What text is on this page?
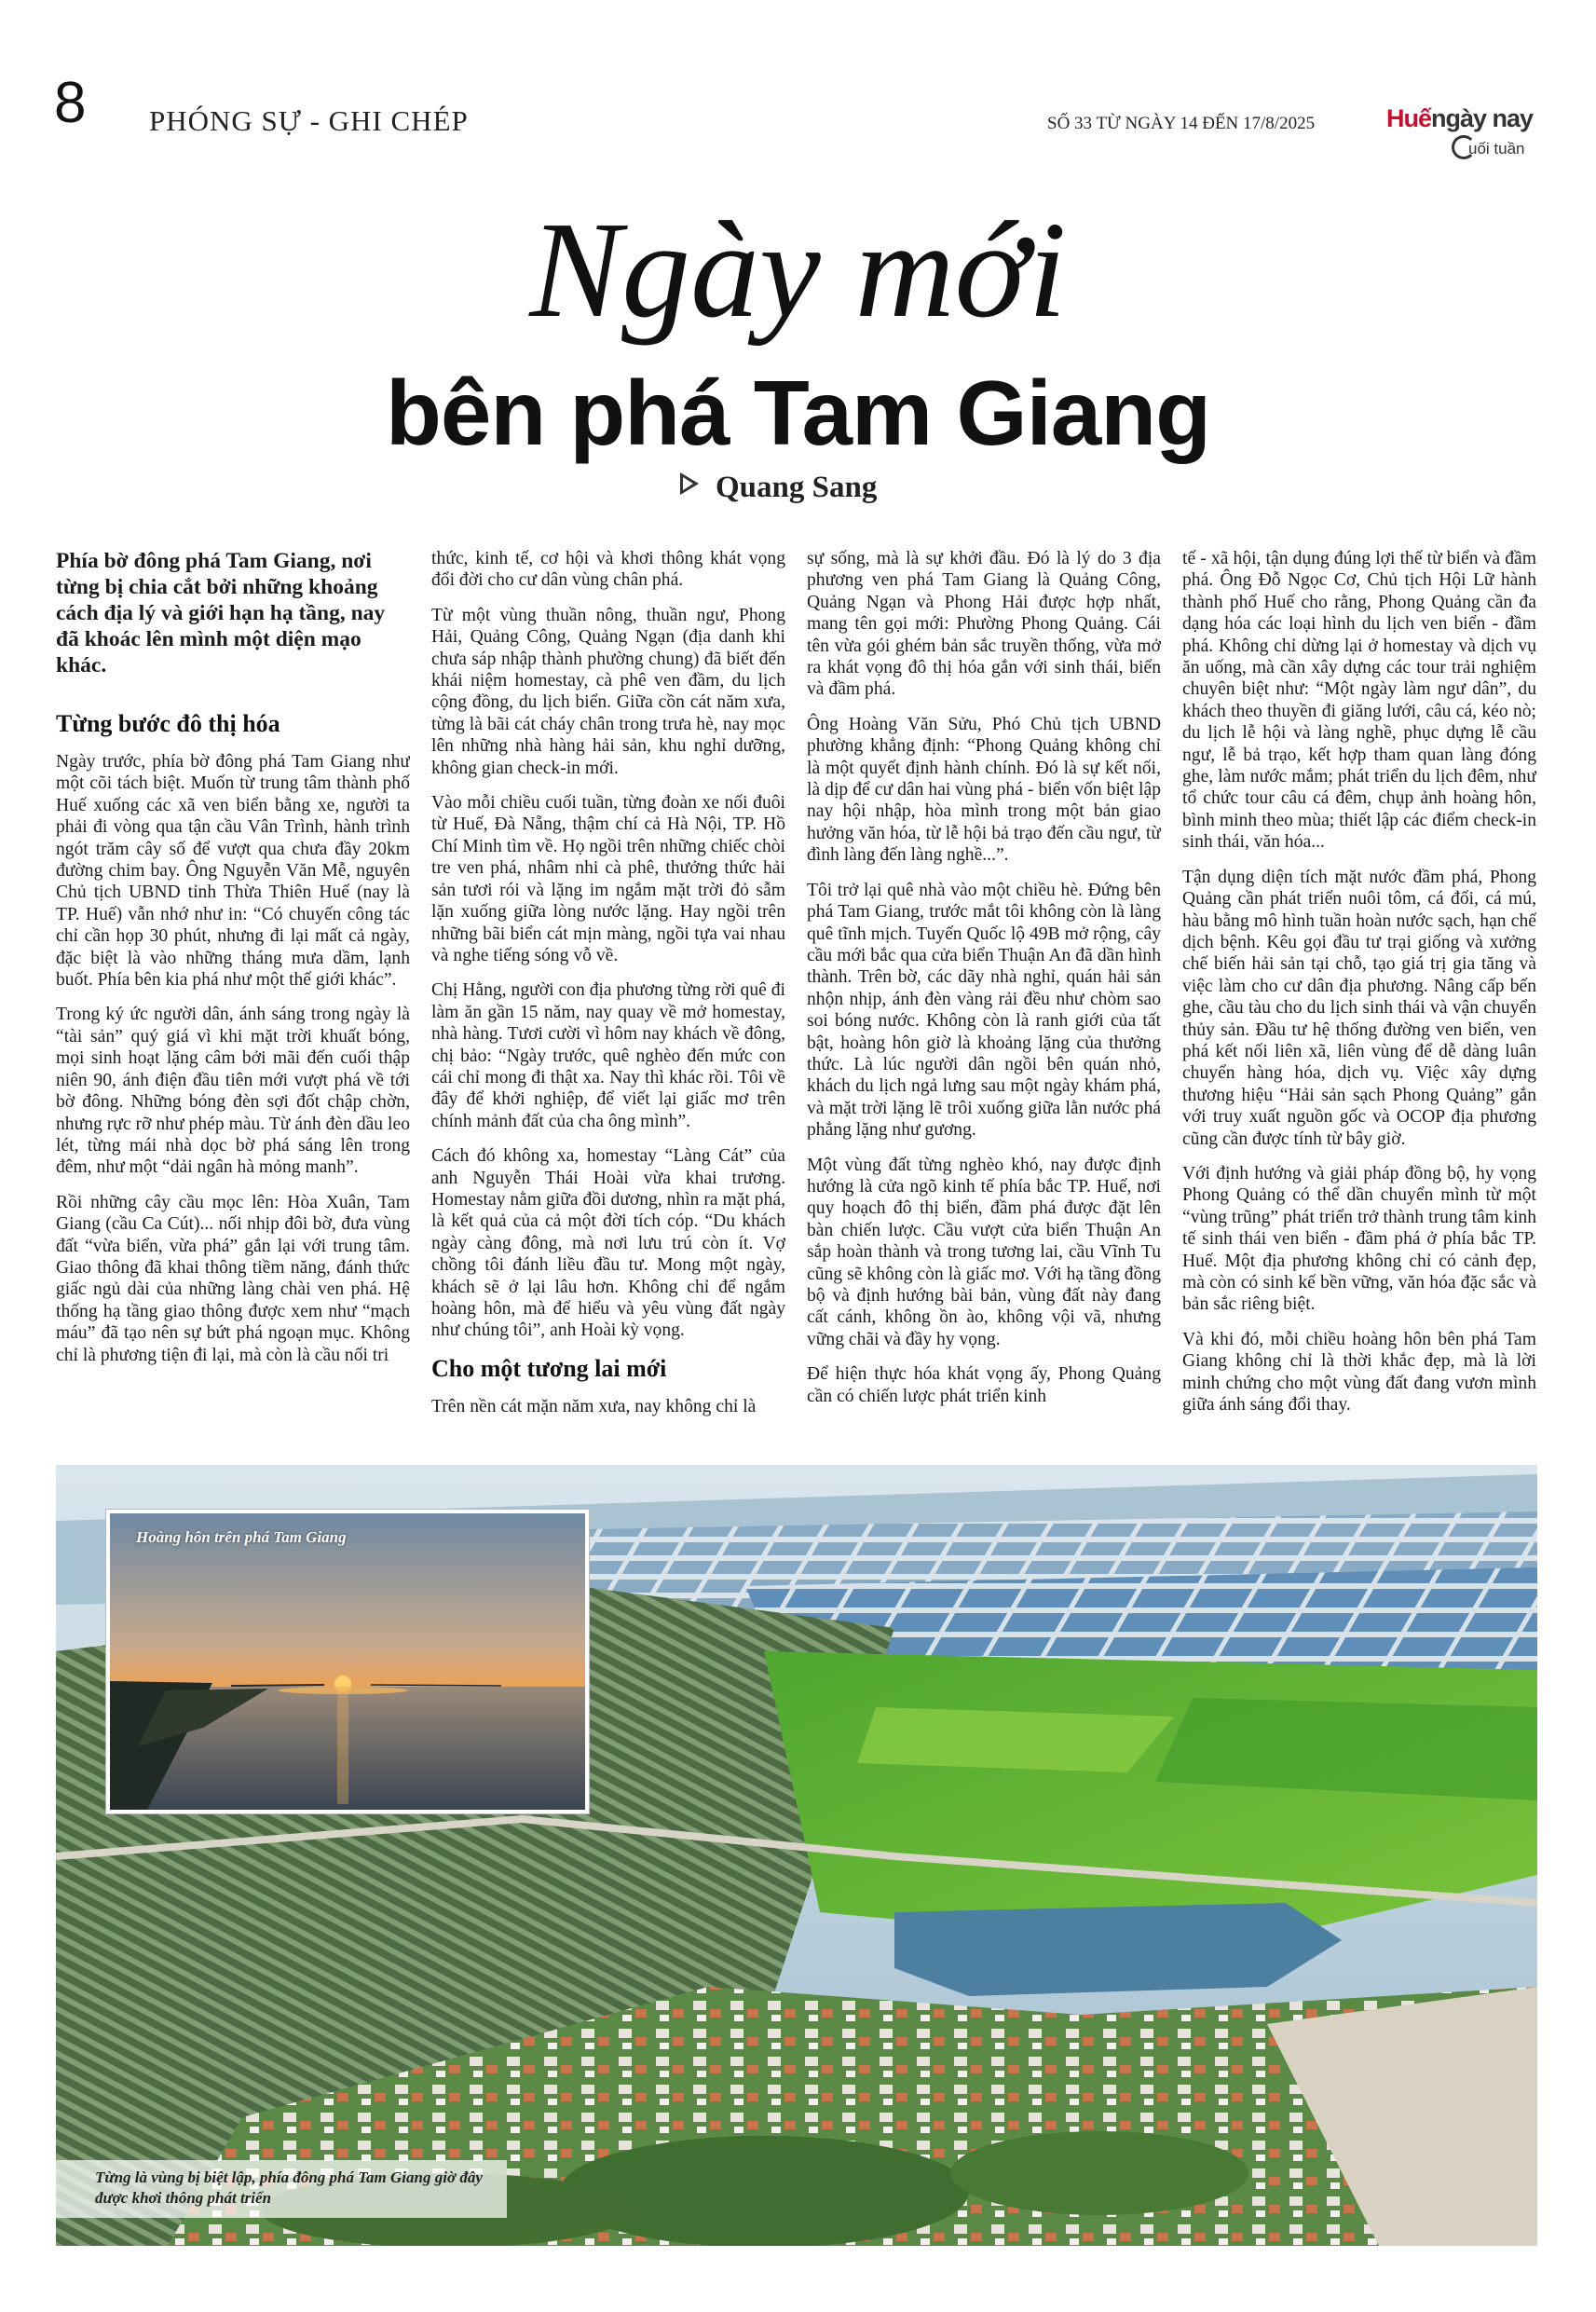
8 PHÓNG SỰ - GHI CHÉP	SỐ 33 TỪ NGÀY 14 ĐẾN 17/8/2025	Huếngày nay
uối tuần
Ngày mới
bên phá Tam Giang
Quang Sang

Phía bờ đông phá Tam Giang, nơi từng bị chia cắt bởi những khoảng cách địa lý và giới hạn hạ tầng, nay đã khoác lên mình một diện mạo khác.

Từng bước đô thị hóa

Ngày trước, phía bờ đông phá Tam Giang như một cõi tách biệt. Muốn từ trung tâm thành phố Huế xuống các xã ven biển bằng xe, người ta phải đi vòng qua tận cầu Vân Trình, hành trình ngót trăm cây số để vượt qua chưa đầy 20km đường chim bay. Ông Nguyễn Văn Mễ, nguyên Chủ tịch UBND tỉnh Thừa Thiên Huế (nay là TP. Huế) vẫn nhớ như in: “Có chuyến công tác chỉ cần họp 30 phút, nhưng đi lại mất cả ngày, đặc biệt là vào những tháng mưa dầm, lạnh buốt. Phía bên kia phá như một thế giới khác”.

Trong ký ức người dân, ánh sáng trong ngày là “tài sản” quý giá vì khi mặt trời khuất bóng, mọi sinh hoạt lặng câm bởi mãi đến cuối thập niên 90, ánh điện đầu tiên mới vượt phá về tới bờ đông. Những bóng đèn sợi đốt chập chờn, nhưng rực rỡ như phép màu. Từ ánh đèn dầu leo lét, từng mái nhà dọc bờ phá sáng lên trong đêm, như một “dải ngân hà mỏng manh”.

Rồi những cây cầu mọc lên: Hòa Xuân, Tam Giang (cầu Ca Cút)... nối nhịp đôi bờ, đưa vùng đất “vừa biển, vừa phá” gắn lại với trung tâm. Giao thông đã khai thông tiềm năng, đánh thức giấc ngủ dài của những làng chài ven phá. Hệ thống hạ tầng giao thông được xem như “mạch máu” đã tạo nên sự bứt phá ngoạn mục. Không chỉ là phương tiện đi lại, mà còn là cầu nối tri

thức, kinh tế, cơ hội và khơi thông khát vọng đổi đời cho cư dân vùng chân phá.

Từ một vùng thuần nông, thuần ngư, Phong Hải, Quảng Công, Quảng Ngạn (địa danh khi chưa sáp nhập thành phường chung) đã biết đến khái niệm homestay, cà phê ven đầm, du lịch cộng đồng, du lịch biển. Giữa cồn cát năm xưa, từng là bãi cát cháy chân trong trưa hè, nay mọc lên những nhà hàng hải sản, khu nghỉ dưỡng, không gian check-in mới.

Vào mỗi chiều cuối tuần, từng đoàn xe nối đuôi từ Huế, Đà Nẵng, thậm chí cả Hà Nội, TP. Hồ Chí Minh tìm về. Họ ngồi trên những chiếc chòi tre ven phá, nhâm nhi cà phê, thưởng thức hải sản tươi rói và lặng im ngắm mặt trời đỏ sẫm lặn xuống giữa lòng nước lặng. Hay ngồi trên những bãi biển cát mịn màng, ngồi tựa vai nhau và nghe tiếng sóng vỗ về.

Chị Hằng, người con địa phương từng rời quê đi làm ăn gần 15 năm, nay quay về mở homestay, nhà hàng. Tươi cười vì hôm nay khách về đông, chị bảo: “Ngày trước, quê nghèo đến mức con cái chỉ mong đi thật xa. Nay thì khác rồi. Tôi về đây để khởi nghiệp, để viết lại giấc mơ trên chính mảnh đất của cha ông mình”.

Cách đó không xa, homestay “Làng Cát” của anh Nguyễn Thái Hoài vừa khai trương. Homestay nằm giữa đồi dương, nhìn ra mặt phá, là kết quả của cả một đời tích cóp. “Du khách ngày càng đông, mà nơi lưu trú còn ít. Vợ chồng tôi đánh liều đầu tư. Mong một ngày, khách sẽ ở lại lâu hơn. Không chỉ để ngắm hoàng hôn, mà để hiểu và yêu vùng đất ngày như chúng tôi”, anh Hoài kỳ vọng.

Cho một tương lai mới

Trên nền cát mặn năm xưa, nay không chỉ là

sự sống, mà là sự khởi đầu. Đó là lý do 3 địa phương ven phá Tam Giang là Quảng Công, Quảng Ngạn và Phong Hải được hợp nhất, mang tên gọi mới: Phường Phong Quảng. Cái tên vừa gói ghém bản sắc truyền thống, vừa mở ra khát vọng đô thị hóa gắn với sinh thái, biển và đầm phá.

Ông Hoàng Văn Sửu, Phó Chủ tịch UBND phường khẳng định: “Phong Quảng không chỉ là một quyết định hành chính. Đó là sự kết nối, là dịp để cư dân hai vùng phá - biển vốn biệt lập nay hội nhập, hòa mình trong một bản giao hưởng văn hóa, từ lễ hội bả trạo đến cầu ngư, từ đình làng đến làng nghề...”.

Tôi trở lại quê nhà vào một chiều hè. Đứng bên phá Tam Giang, trước mắt tôi không còn là làng quê tĩnh mịch. Tuyến Quốc lộ 49B mở rộng, cây cầu mới bắc qua cửa biển Thuận An đã dần hình thành. Trên bờ, các dãy nhà nghỉ, quán hải sản nhộn nhịp, ánh đèn vàng rải đều như chòm sao soi bóng nước. Không còn là ranh giới của tất bật, hoàng hôn giờ là khoảng lặng của thưởng thức. Là lúc người dân ngồi bên quán nhỏ, khách du lịch ngả lưng sau một ngày khám phá, và mặt trời lặng lẽ trôi xuống giữa lằn nước phá phẳng lặng như gương.

Một vùng đất từng nghèo khó, nay được định hướng là cửa ngõ kinh tế phía bắc TP. Huế, nơi quy hoạch đô thị biển, đầm phá được đặt lên bàn chiến lược. Cầu vượt cửa biển Thuận An sắp hoàn thành và trong tương lai, cầu Vĩnh Tu cũng sẽ không còn là giấc mơ. Với hạ tầng đồng bộ và định hướng bài bản, vùng đất này đang cất cánh, không ồn ào, không vội vã, nhưng vững chãi và đầy hy vọng.

Để hiện thực hóa khát vọng ấy, Phong Quảng cần có chiến lược phát triển kinh

tế - xã hội, tận dụng đúng lợi thế từ biển và đầm phá. Ông Đỗ Ngọc Cơ, Chủ tịch Hội Lữ hành thành phố Huế cho rằng, Phong Quảng cần đa dạng hóa các loại hình du lịch ven biển - đầm phá. Không chỉ dừng lại ở homestay và dịch vụ ăn uống, mà cần xây dựng các tour trải nghiệm chuyên biệt như: “Một ngày làm ngư dân”, du khách theo thuyền đi giăng lưới, câu cá, kéo nò; du lịch lễ hội và làng nghề, phục dựng lễ cầu ngư, lễ bả trạo, kết hợp tham quan làng đóng ghe, làm nước mắm; phát triển du lịch đêm, như tổ chức tour câu cá đêm, chụp ảnh hoàng hôn, bình minh theo mùa; thiết lập các điểm check-in sinh thái, văn hóa...

Tận dụng diện tích mặt nước đầm phá, Phong Quảng cần phát triển nuôi tôm, cá đối, cá mú, hàu bằng mô hình tuần hoàn nước sạch, hạn chế dịch bệnh. Kêu gọi đầu tư trại giống và xưởng chế biến hải sản tại chỗ, tạo giá trị gia tăng và việc làm cho cư dân địa phương. Nâng cấp bến ghe, cầu tàu cho du lịch sinh thái và vận chuyển thủy sản. Đầu tư hệ thống đường ven biển, ven phá kết nối liên xã, liên vùng để dễ dàng luân chuyển hàng hóa, dịch vụ. Việc xây dựng thương hiệu “Hải sản sạch Phong Quảng” gắn với truy xuất nguồn gốc và OCOP địa phương cũng cần được tính từ bây giờ.

Với định hướng và giải pháp đồng bộ, hy vọng Phong Quảng có thể dần chuyển mình từ một “vùng trũng” phát triển trở thành trung tâm kinh tế sinh thái ven biển - đầm phá ở phía bắc TP. Huế. Một địa phương không chỉ có cảnh đẹp, mà còn có sinh kế bền vững, văn hóa đặc sắc và bản sắc riêng biệt.

Và khi đó, mỗi chiều hoàng hôn bên phá Tam Giang không chỉ là thời khắc đẹp, mà là lời minh chứng cho một vùng đất đang vươn mình giữa ánh sáng đổi thay.

Hoàng hôn trên phá Tam Giang
Từng là vùng bị biệt lập, phía đông phá Tam Giang giờ đây được khơi thông phát triển
